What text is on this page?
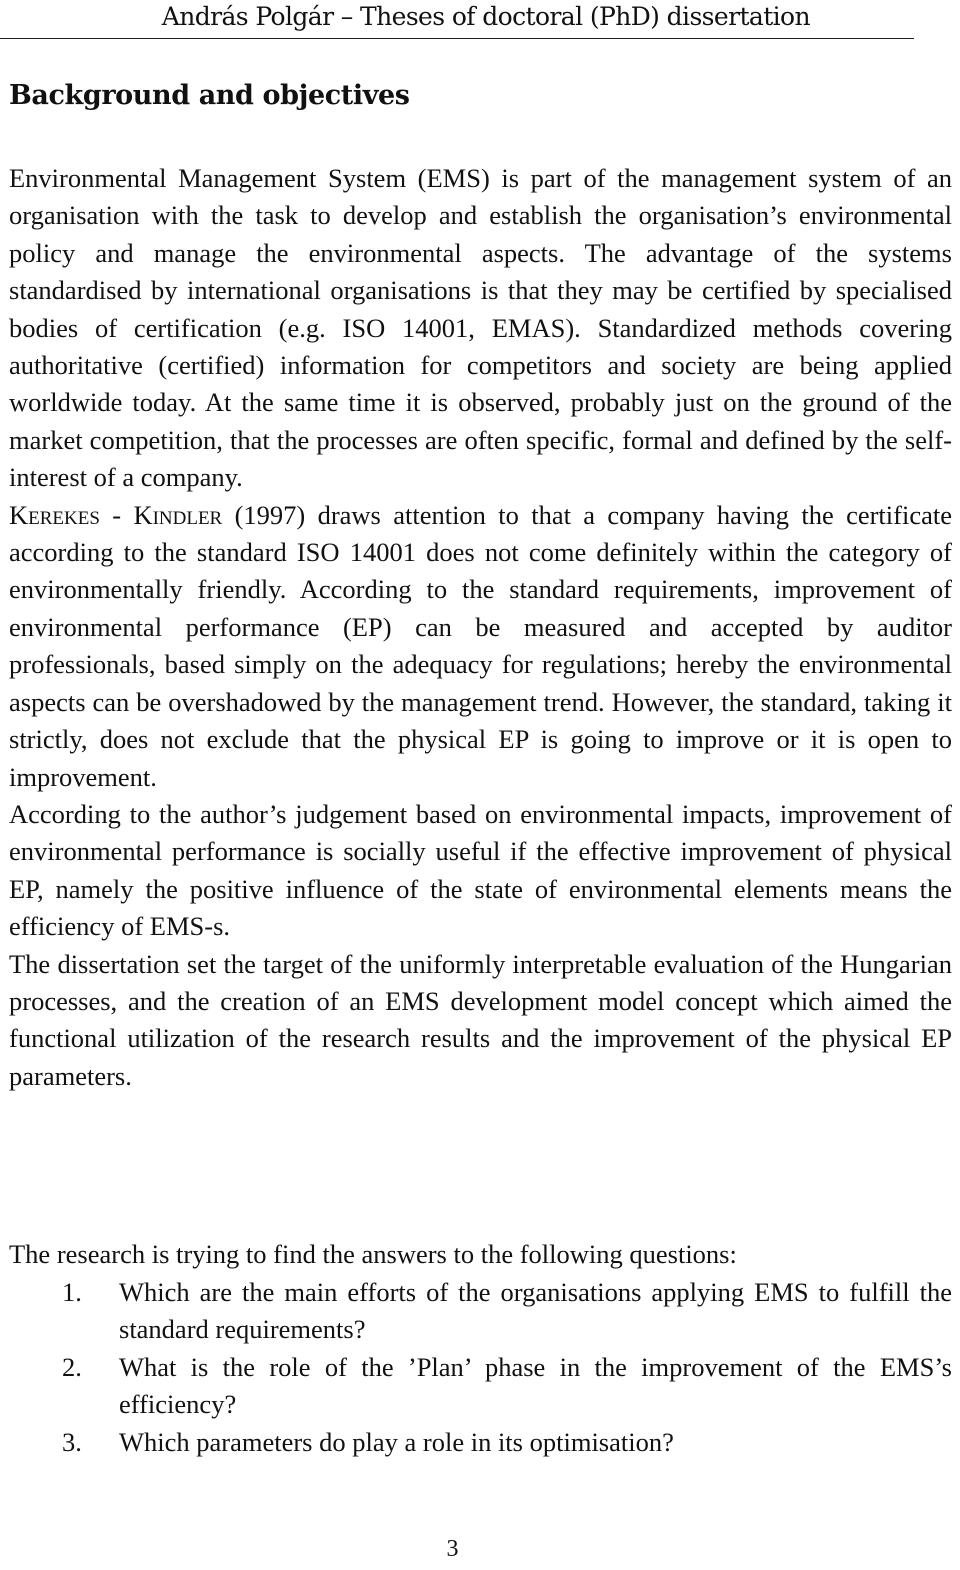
András Polgár – Theses of doctoral (PhD) dissertation
Background and objectives

Environmental Management System (EMS) is part of the management system of an organisation with the task to develop and establish the organisation’s environmental policy and manage the environmental aspects. The advantage of the systems standardised by international organisations is that they may be certified by specialised bodies of certification (e.g. ISO 14001, EMAS). Standardized methods covering authoritative (certified) information for competitors and society are being applied worldwide today. At the same time it is observed, probably just on the ground of the market competition, that the processes are often specific, formal and defined by the self-interest of a company.

Kerekes - Kindler (1997) draws attention to that a company having the certificate according to the standard ISO 14001 does not come definitely within the category of environmentally friendly. According to the standard requirements, improvement of environmental performance (EP) can be measured and accepted by auditor professionals, based simply on the adequacy for regulations; hereby the environmental aspects can be overshadowed by the management trend. However, the standard, taking it strictly, does not exclude that the physical EP is going to improve or it is open to improvement.

According to the author’s judgement based on environmental impacts, improvement of environmental performance is socially useful if the effective improvement of physical EP, namely the positive influence of the state of environmental elements means the efficiency of EMS-s.

The dissertation set the target of the uniformly interpretable evaluation of the Hungarian processes, and the creation of an EMS development model concept which aimed the functional utilization of the research results and the improvement of the physical EP parameters.

The research is trying to find the answers to the following questions:

1. Which are the main efforts of the organisations applying EMS to fulfill the standard requirements?
2. What is the role of the ’Plan’ phase in the improvement of the EMS’s efficiency?
3. Which parameters do play a role in its optimisation?
3
